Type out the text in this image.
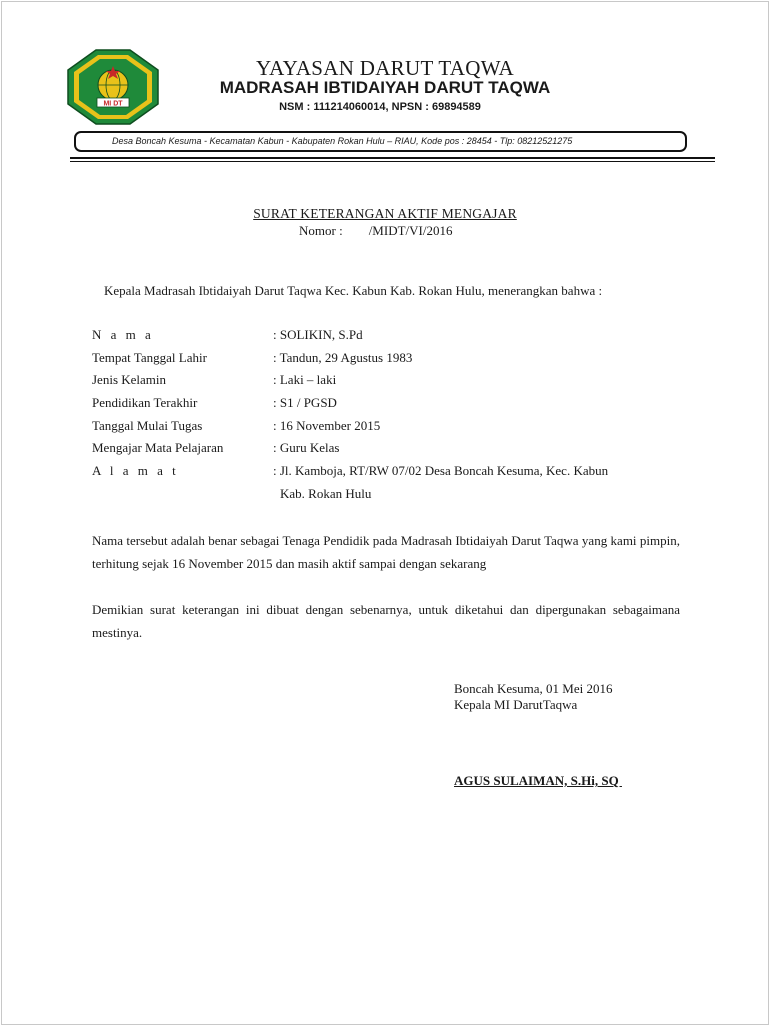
MI DT
YAYASAN DARUT TAQWA
MADRASAH IBTIDAIYAH DARUT TAQWA
NSM : 111214060014, NPSN : 69894589
Desa Boncah Kesuma - Kecamatan Kabun - Kabupaten Rokan Hulu – RIAU, Kode pos : 28454 - Tlp: 08212521275
SURAT KETERANGAN AKTIF MENGAJAR
Nomor :        /MIDT/VI/2016
Kepala Madrasah Ibtidaiyah Darut Taqwa Kec. Kabun Kab. Rokan Hulu, menerangkan bahwa :
N a m a	: SOLIKIN, S.Pd
Tempat Tanggal Lahir	: Tandun, 29 Agustus 1983
Jenis Kelamin	: Laki – laki
Pendidikan Terakhir	: S1 / PGSD
Tanggal Mulai Tugas	: 16 November 2015
Mengajar Mata Pelajaran	: Guru Kelas
A l a m a t	: Jl. Kamboja, RT/RW 07/02 Desa Boncah Kesuma, Kec. Kabun
Kab. Rokan Hulu
Nama tersebut adalah benar sebagai Tenaga Pendidik pada Madrasah Ibtidaiyah Darut Taqwa yang kami pimpin, terhitung sejak 16 November 2015 dan masih aktif sampai dengan sekarang
Demikian surat keterangan ini dibuat dengan sebenarnya, untuk diketahui dan dipergunakan sebagaimana mestinya.
Boncah Kesuma, 01 Mei 2016
Kepala MI DarutTaqwa
AGUS SULAIMAN, S.Hi, SQ
